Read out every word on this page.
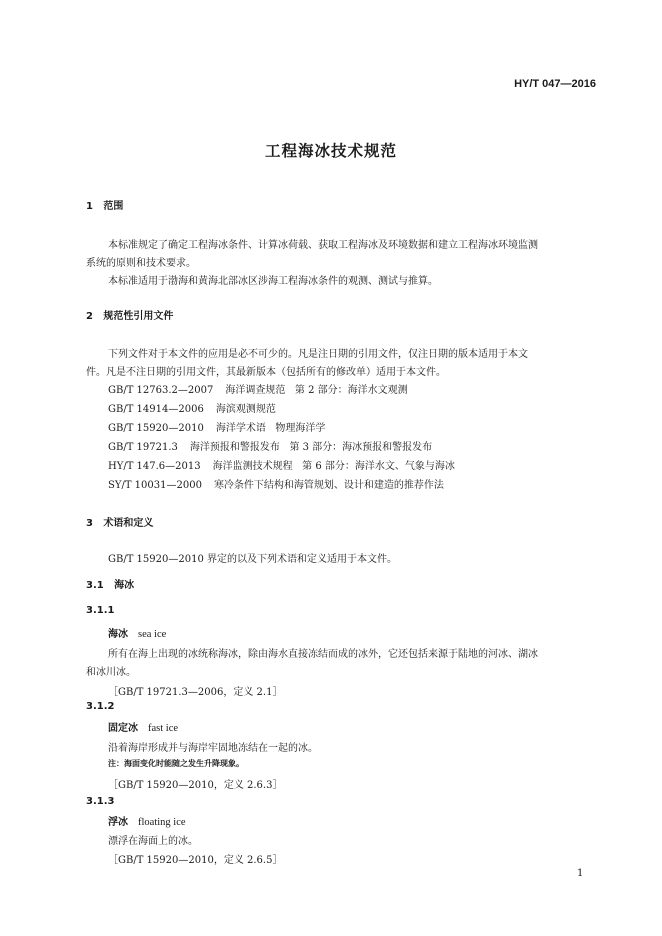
HY/T 047—2016
工程海冰技术规范
1   范围
本标准规定了确定工程海冰条件、计算冰荷载、获取工程海冰及环境数据和建立工程海冰环境监测
系统的原则和技术要求。
本标准适用于渤海和黄海北部冰区涉海工程海冰条件的观测、测试与推算。
2   规范性引用文件
下列文件对于本文件的应用是必不可少的。凡是注日期的引用文件，仅注日期的版本适用于本文
件。凡是不注日期的引用文件，其最新版本（包括所有的修改单）适用于本文件。
GB/T 12763.2—2007 海洋调查规范   第 2 部分：海洋水文观测
GB/T 14914—2006 海滨观测规范
GB/T 15920—2010 海洋学术语   物理海洋学
GB/T 19721.3 海洋预报和警报发布   第 3 部分：海冰预报和警报发布
HY/T 147.6—2013 海洋监测技术规程   第 6 部分：海洋水文、气象与海冰
SY/T 10031—2000 寒冷条件下结构和海管规划、设计和建造的推荐作法
3   术语和定义
GB/T 15920—2010 界定的以及下列术语和定义适用于本文件。
3.1   海冰
3.1.1
海冰 sea ice
所有在海上出现的冰统称海冰，除由海水直接冻结而成的冰外，它还包括来源于陆地的河冰、湖冰
和冰川冰。
［GB/T 19721.3—2006，定义 2.1］
3.1.2
固定冰 fast ice
沿着海岸形成并与海岸牢固地冻结在一起的冰。
注：海面变化时能随之发生升降现象。
［GB/T 15920—2010，定义 2.6.3］
3.1.3
浮冰 floating ice
漂浮在海面上的冰。
［GB/T 15920—2010，定义 2.6.5］
1
